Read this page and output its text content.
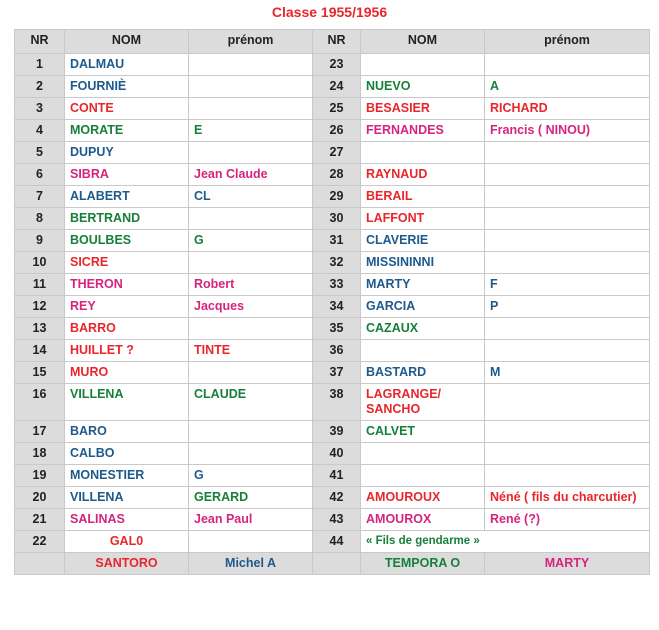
Classe 1955/1956
NR	NOM	prénom	NR	NOM	prénom
1	DALMAU		23		
2	FOURNIÈ		24	NUEVO	A
3	CONTE		25	BESASIER	RICHARD
4	MORATE	E	26	FERNANDES	Francis ( NINOU)
5	DUPUY		27		
6	SIBRA	Jean Claude	28	RAYNAUD	
7	ALABERT	CL	29	BERAIL	
8	BERTRAND		30	LAFFONT	
9	BOULBES	G	31	CLAVERIE	
10	SICRE		32	MISSININNI	
11	THERON	Robert	33	MARTY	F
12	REY	Jacques	34	GARCIA	P
13	BARRO		35	CAZAUX	
14	HUILLET ?	TINTE	36		
15	MURO		37	BASTARD	M
16	VILLENA	CLAUDE	38	LAGRANGE/ SANCHO	
17	BARO		39	CALVET	
18	CALBO		40		
19	MONESTIER	G	41		
20	VILLENA	GERARD	42	AMOUROUX	Néné ( fils du charcutier)
21	SALINAS	Jean Paul	43	AMOUROX	René (?)
22	GAL0		44	« Fils de gendarme »	
	SANTORO	Michel A		TEMPORA O	MARTY
